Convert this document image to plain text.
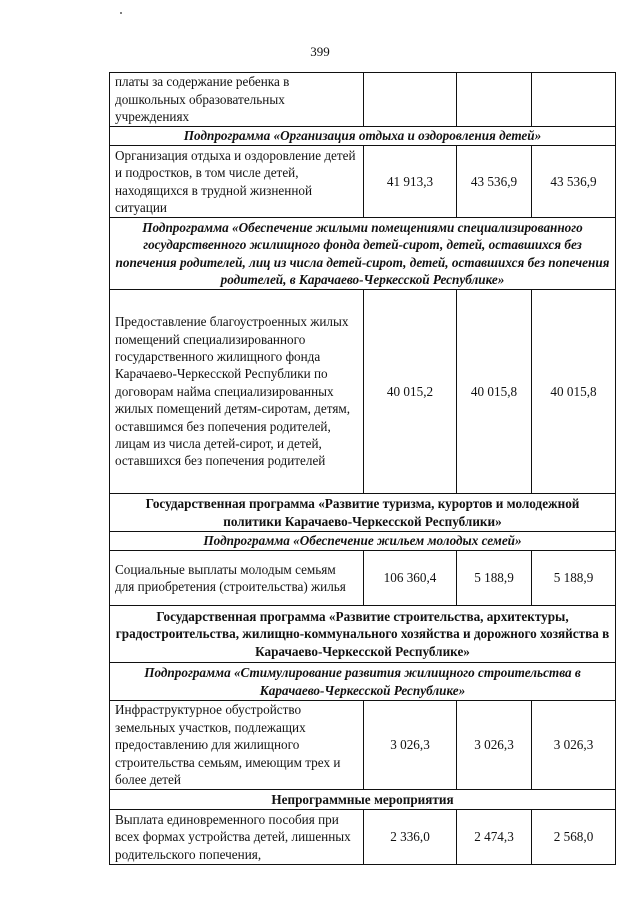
399
платы за содержание ребенка в дошкольных образовательных учреждениях			
Подпрограмма «Организация отдыха и оздоровления детей»			
Организация отдыха и оздоровление детей и подростков, в том числе детей, находящихся в трудной жизненной ситуации	41 913,3	43 536,9	43 536,9
Подпрограмма «Обеспечение жилыми помещениями специализированного государственного жилищного фонда детей-сирот, детей, оставшихся без попечения родителей, лиц из числа детей-сирот, детей, оставшихся без попечения родителей, в Карачаево-Черкесской Республике»			
Предоставление благоустроенных жилых помещений специализированного государственного жилищного фонда Карачаево-Черкесской Республики по договорам найма специализированных жилых помещений детям-сиротам, детям, оставшимся без попечения родителей, лицам из числа детей-сирот, и детей, оставшихся без попечения родителей	40 015,2	40 015,8	40 015,8
Государственная программа «Развитие туризма, курортов и молодежной политики Карачаево-Черкесской Республики»			
Подпрограмма «Обеспечение жильем молодых семей»			
Социальные выплаты молодым семьям для приобретения (строительства) жилья	106 360,4	5 188,9	5 188,9
Государственная программа «Развитие строительства, архитектуры, градостроительства, жилищно-коммунального хозяйства и дорожного хозяйства в Карачаево-Черкесской Республике»			
Подпрограмма «Стимулирование развития жилищного строительства в Карачаево-Черкесской Республике»			
Инфраструктурное обустройство земельных участков, подлежащих предоставлению для жилищного строительства семьям, имеющим трех и более детей	3 026,3	3 026,3	3 026,3
Непрограммные мероприятия			
Выплата единовременного пособия при всех формах устройства детей, лишенных родительского попечения,	2 336,0	2 474,3	2 568,0
